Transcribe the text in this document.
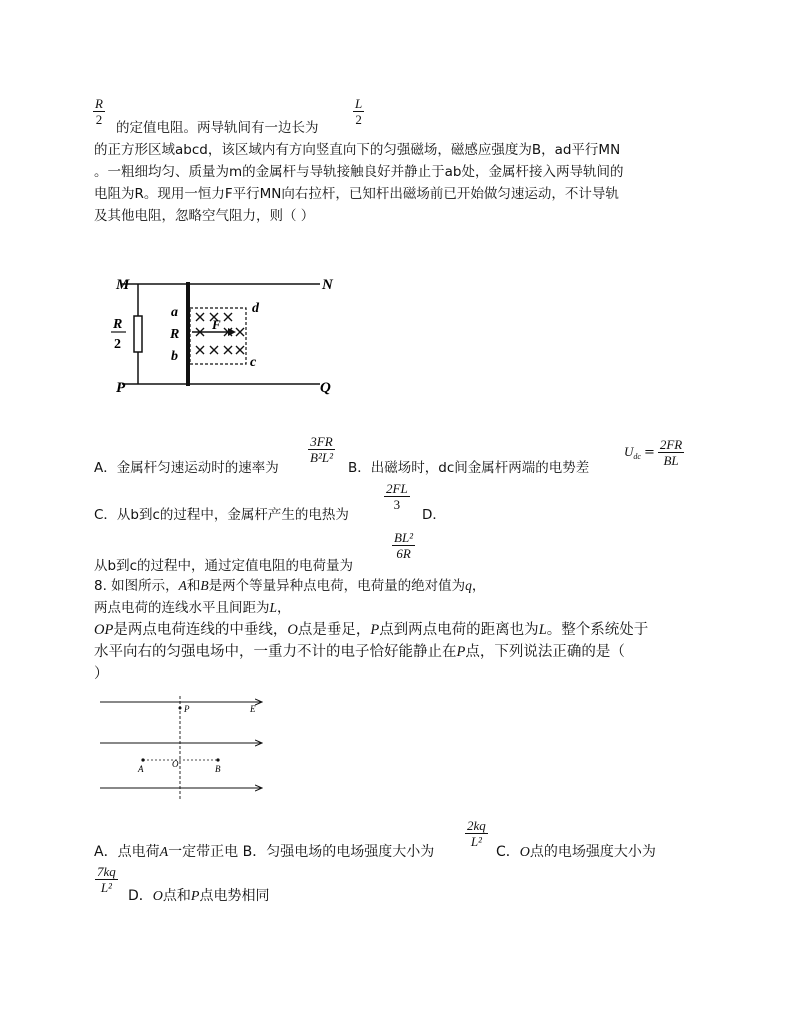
R
2
的定值电阻。两导轨间有一边长为
L
2
的正方形区域abcd，该区域内有方向竖直向下的匀强磁场，磁感应强度为B，ad平行MN
。一粗细均匀、质量为m的金属杆与导轨接触良好并静止于ab处，金属杆接入两导轨间的
电阻为R。现用一恒力F平行MN向右拉杆，已知杆出磁场前已开始做匀速运动，不计导轨
及其他电阻，忽略空气阻力，则（ ）
M	N
P	Q
a
R
b
d
c
F
R
2
A．金属杆匀速运动时的速率为
3FR
B²L²
B．出磁场时，dc间金属杆两端的电势差
U dc =
2FR
BL
C．从b到c的过程中，金属杆产生的电热为
2FL
3
D．
从b到c的过程中，通过定值电阻的电荷量为
BL²
6R
8. 如图所示，A和B是两个等量异种点电荷，电荷量的绝对值为q，
两点电荷的连线水平且间距为L，
OP是两点电荷连线的中垂线，O点是垂足，P点到两点电荷的距离也为L。整个系统处于
水平向右的匀强电场中，一重力不计的电子恰好能静止在P点，下列说法正确的是（
）
P	E
A	O	B
A．点电荷A一定带正电 B．匀强电场的电场强度大小为
2kq
L²
C．O点的电场强度大小为
7kq
L²
D．O点和P点电势相同
